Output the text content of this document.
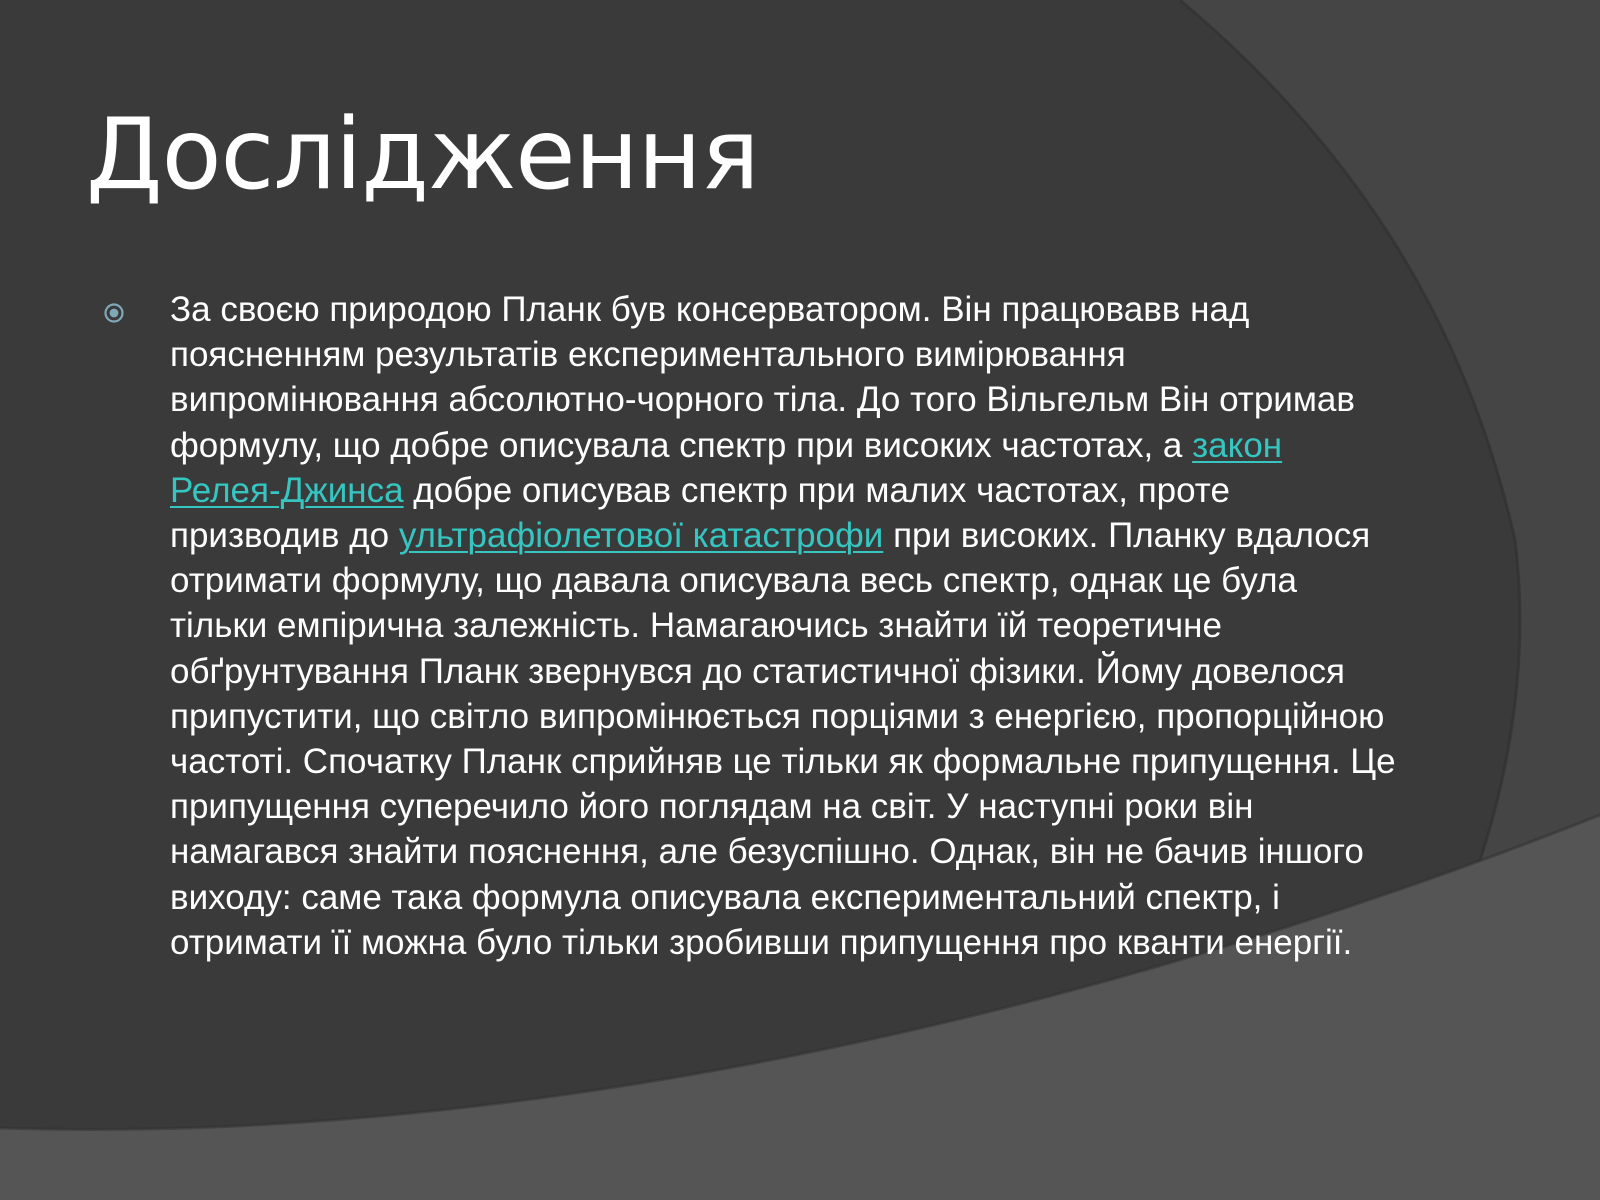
Дослідження

За своєю природою Планк був консерватором. Він працювавв над поясненням результатів експериментального вимірювання випромінювання абсолютно-чорного тіла. До того Вільгельм Він отримав формулу, що добре описувала спектр при високих частотах, а закон Релея-Джинса добре описував спектр при малих частотах, проте призводив до ультрафіолетової катастрофи при високих. Планку вдалося отримати формулу, що давала описувала весь спектр, однак це була тільки емпірична залежність. Намагаючись знайти їй теоретичне обґрунтування Планк звернувся до статистичної фізики. Йому довелося припустити, що світло випромінюється порціями з енергією, пропорційною частоті. Спочатку Планк сприйняв це тільки як формальне припущення. Це припущення суперечило його поглядам на світ. У наступні роки він намагався знайти пояснення, але безуспішно. Однак, він не бачив іншого виходу: саме така формула описувала експериментальний спектр, і отримати її можна було тільки зробивши припущення про кванти енергії.
